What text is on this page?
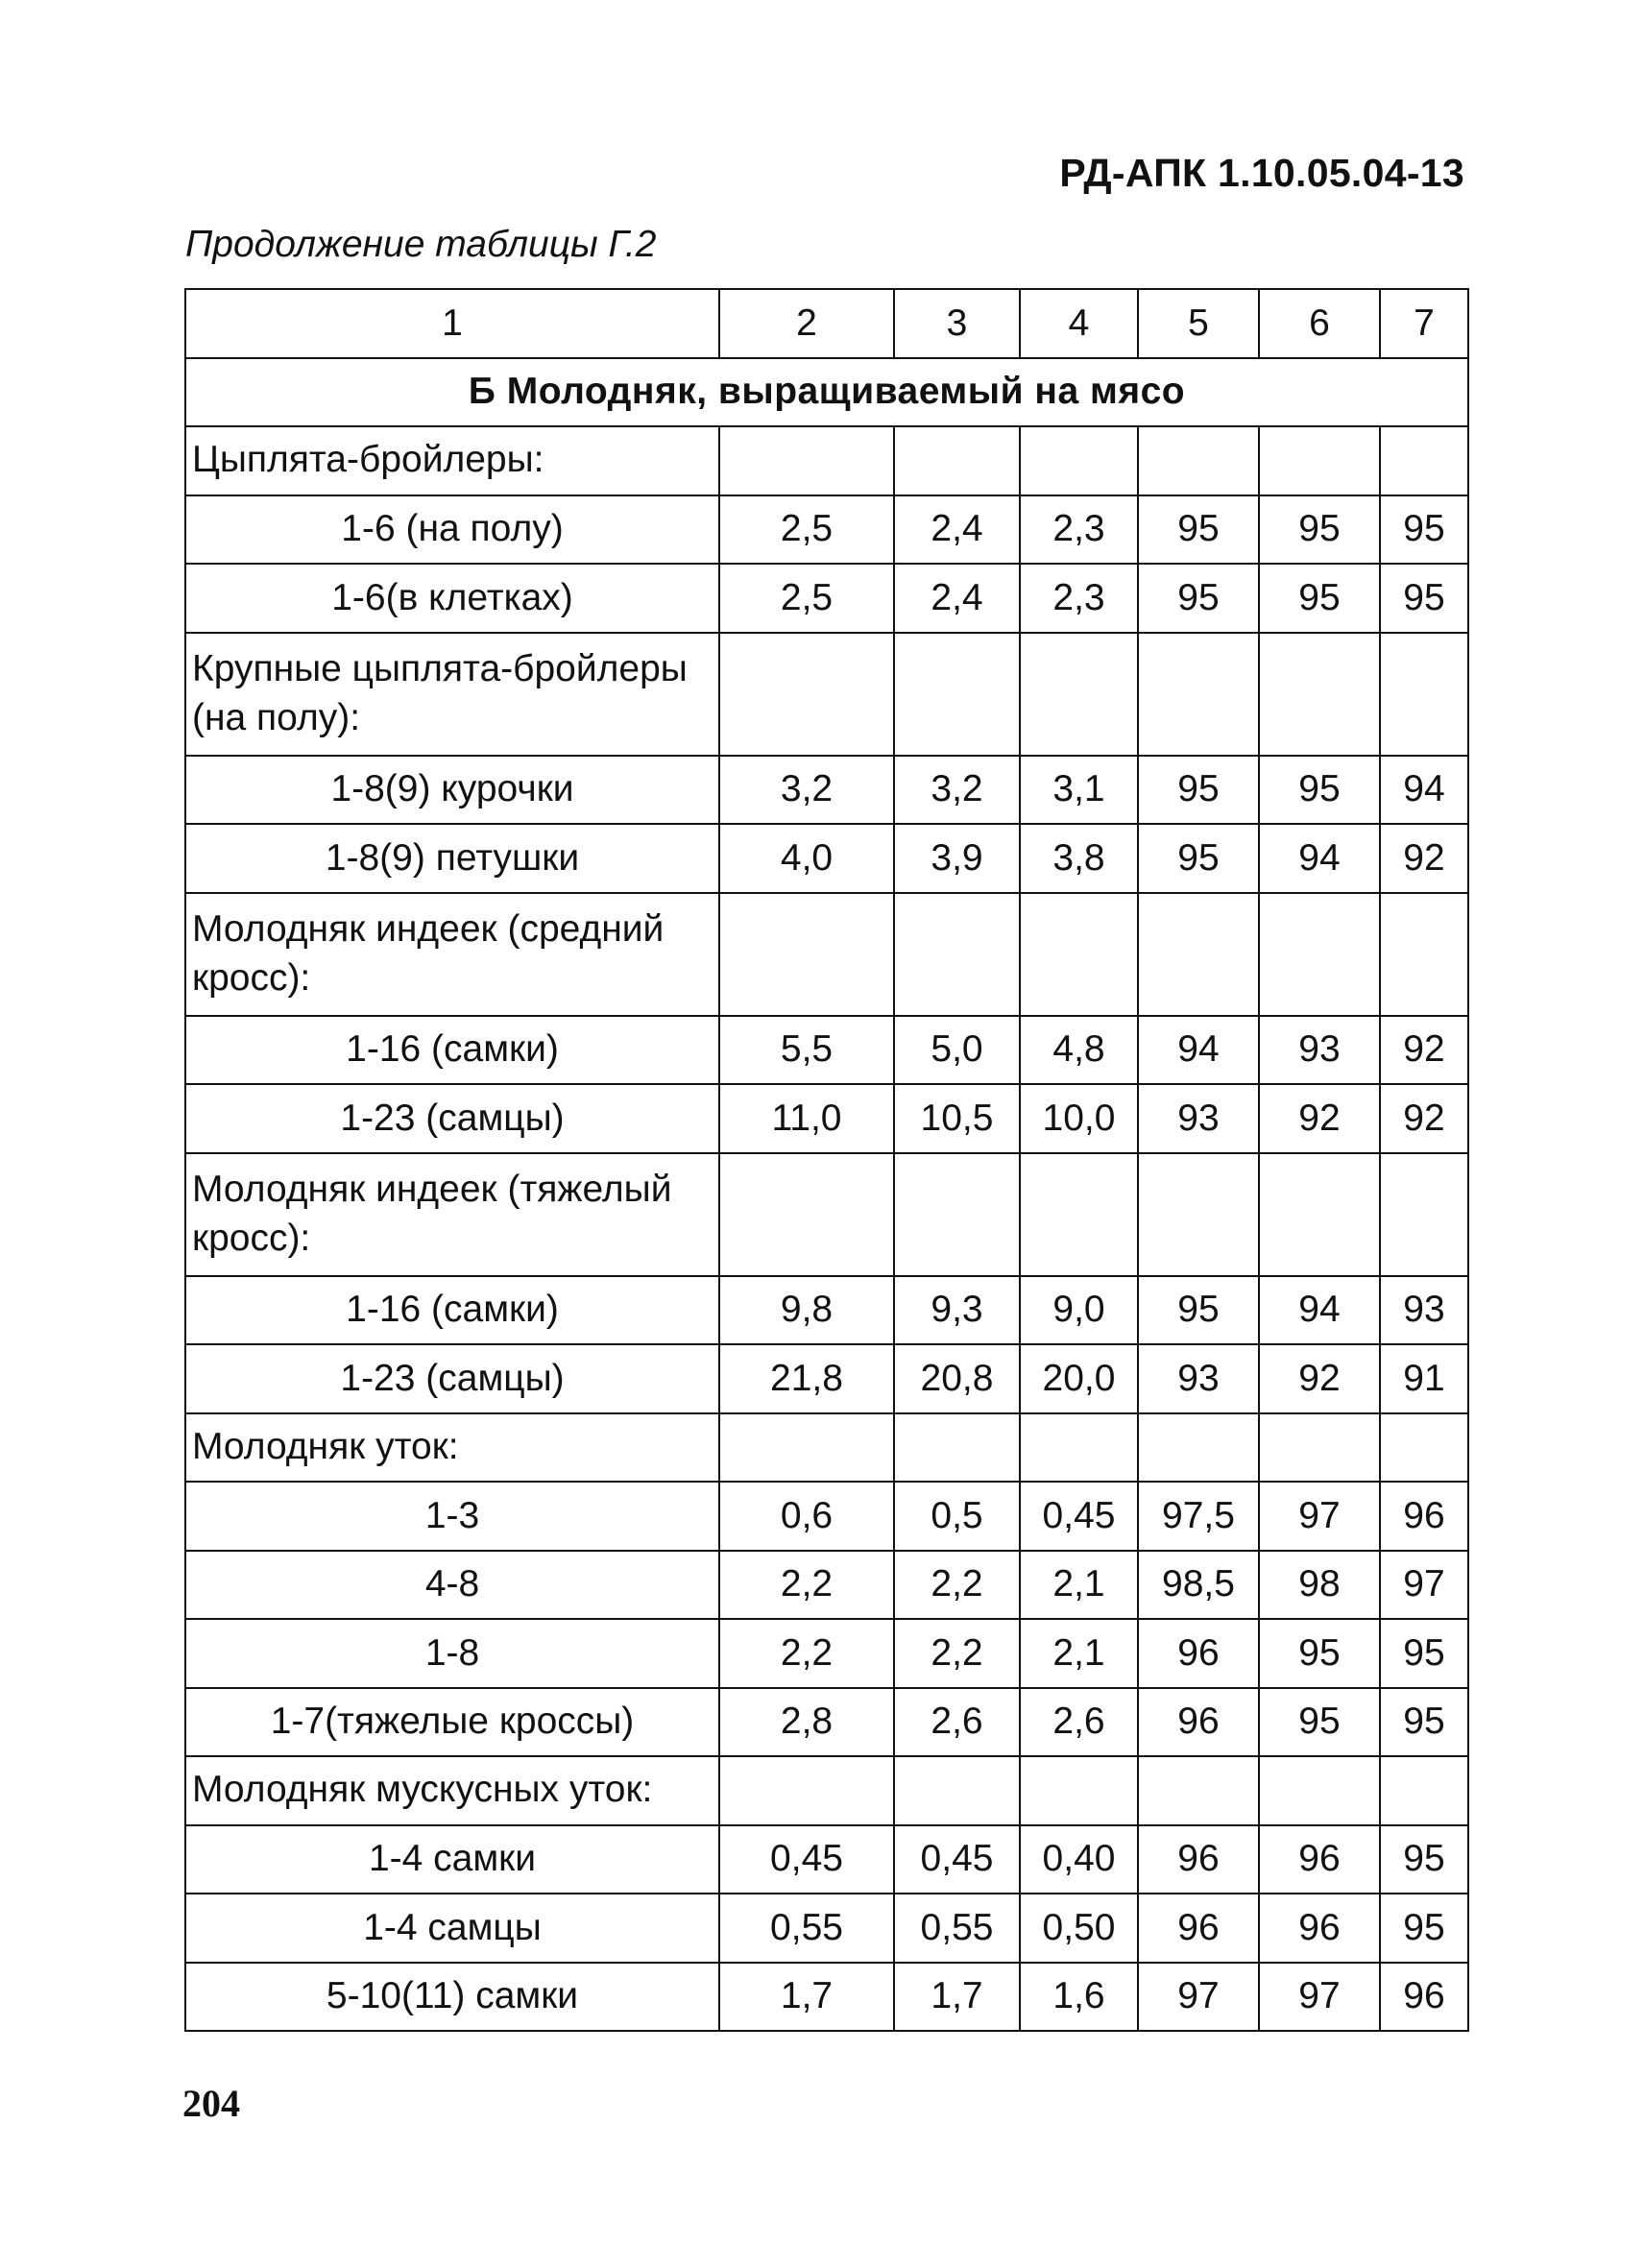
РД-АПК 1.10.05.04-13
Продолжение таблицы Г.2
1	2	3	4	5	6	7
Б Молодняк, выращиваемый на мясо						
Цыплята-бройлеры:						
1-6 (на полу)	2,5	2,4	2,3	95	95	95
1-6(в клетках)	2,5	2,4	2,3	95	95	95
Крупные цыплята-бройлеры (на полу):						
1-8(9) курочки	3,2	3,2	3,1	95	95	94
1-8(9) петушки	4,0	3,9	3,8	95	94	92
Молодняк индеек (средний кросс):						
1-16 (самки)	5,5	5,0	4,8	94	93	92
1-23 (самцы)	11,0	10,5	10,0	93	92	92
Молодняк индеек (тяжелый кросс):						
1-16 (самки)	9,8	9,3	9,0	95	94	93
1-23 (самцы)	21,8	20,8	20,0	93	92	91
Молодняк уток:						
1-3	0,6	0,5	0,45	97,5	97	96
4-8	2,2	2,2	2,1	98,5	98	97
1-8	2,2	2,2	2,1	96	95	95
1-7(тяжелые кроссы)	2,8	2,6	2,6	96	95	95
Молодняк мускусных уток:						
1-4 самки	0,45	0,45	0,40	96	96	95
1-4 самцы	0,55	0,55	0,50	96	96	95
5-10(11) самки	1,7	1,7	1,6	97	97	96
204
